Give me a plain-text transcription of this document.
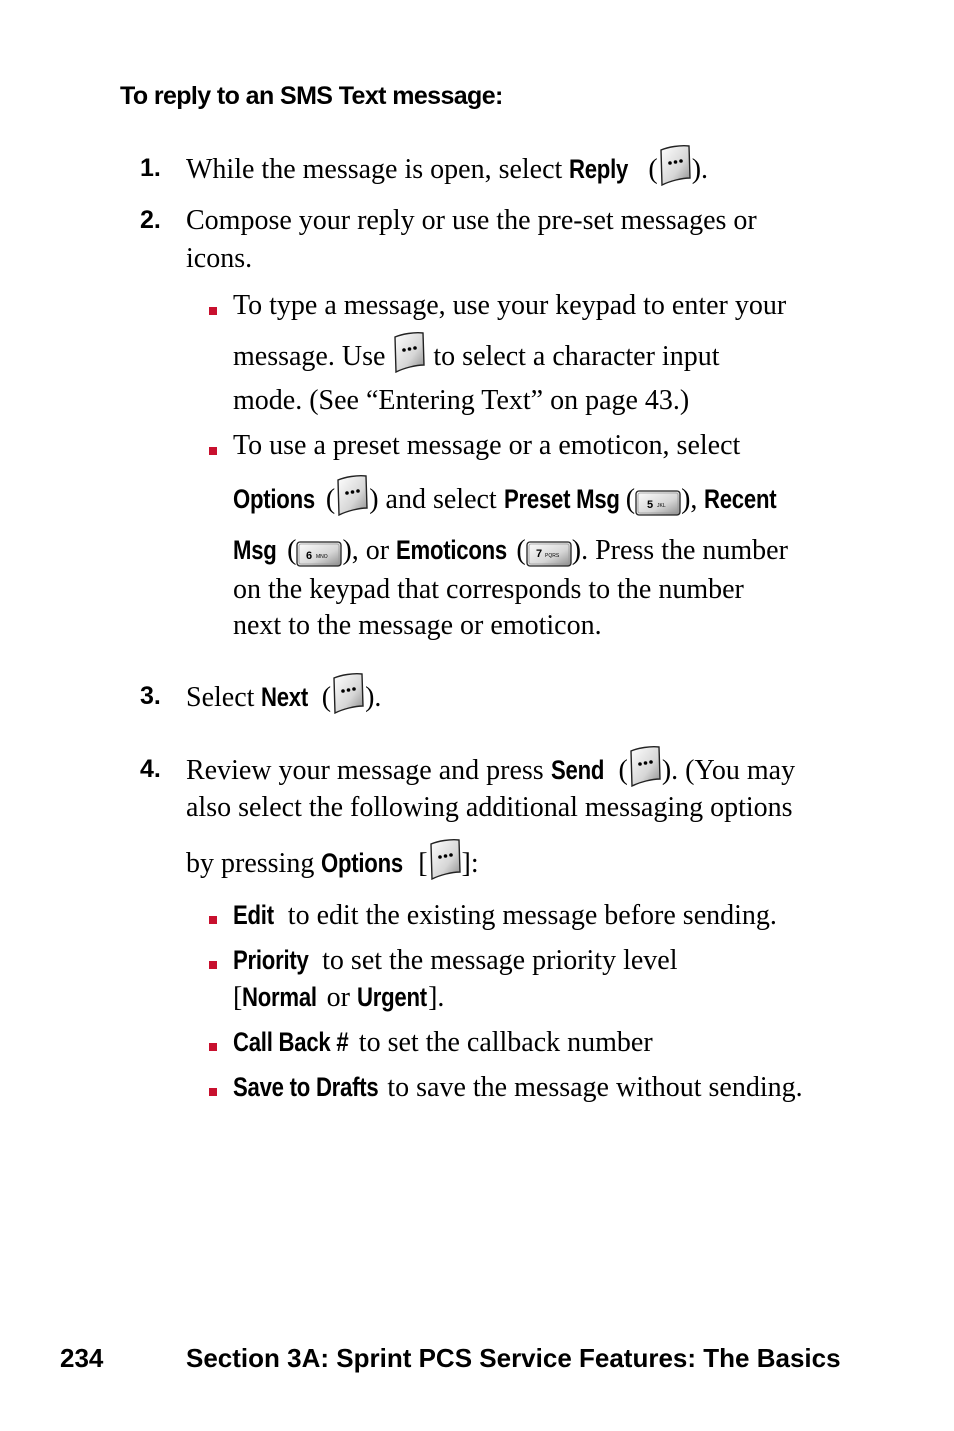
To reply to an SMS Text message:
1. While the message is open, select Reply ( ).
2. Compose your reply or use the pre-set messages or
icons.
To type a message, use your keypad to enter your
message. Use  to select a character input
mode. (See “Entering Text” on page 43.)
To use a preset message or a emoticon, select
Options ( ) and select Preset Msg ( 5 JKL ), Recent
Msg ( 6 MNO ), or Emoticons ( 7 PQRS ). Press the number
on the keypad that corresponds to the number
next to the message or emoticon.
3. Select Next ( ).
4. Review your message and press Send ( ). (You may
also select the following additional messaging options
by pressing Options [ ]:
Edit to edit the existing message before sending.
Priority to set the message priority level
[Normal or Urgent].
Call Back # to set the callback number
Save to Drafts to save the message without sending.
234	Section 3A: Sprint PCS Service Features: The Basics
